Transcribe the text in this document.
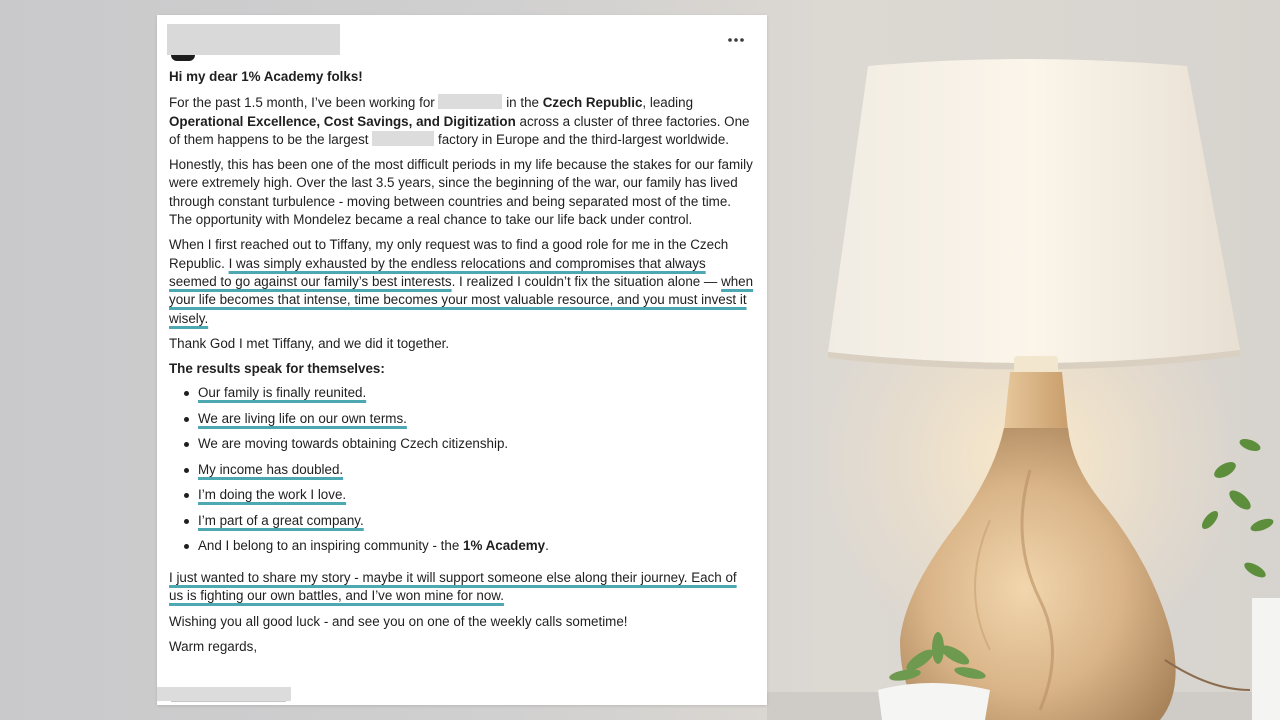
Hi my dear 1% Academy folks!

For the past 1.5 month, I’ve been working for	in the Czech Republic, leading Operational Excellence, Cost Savings, and Digitization across a cluster of three factories. One of them happens to be the largest	factory in Europe and the third-largest worldwide.

Honestly, this has been one of the most difficult periods in my life because the stakes for our family were extremely high. Over the last 3.5 years, since the beginning of the war, our family has lived through constant turbulence - moving between countries and being separated most of the time. The opportunity with Mondelez became a real chance to take our life back under control.

When I first reached out to Tiffany, my only request was to find a good role for me in the Czech Republic. I was simply exhausted by the endless relocations and compromises that always seemed to go against our family’s best interests. I realized I couldn’t fix the situation alone — when your life becomes that intense, time becomes your most valuable resource, and you must invest it wisely.

Thank God I met Tiffany, and we did it together.

The results speak for themselves:

Our family is finally reunited.
We are living life on our own terms.
We are moving towards obtaining Czech citizenship.
My income has doubled.
I’m doing the work I love.
I’m part of a great company.
And I belong to an inspiring community - the 1% Academy.

I just wanted to share my story - maybe it will support someone else along their journey. Each of us is fighting our own battles, and I’ve won mine for now.

Wishing you all good luck - and see you on one of the weekly calls sometime!

Warm regards,
